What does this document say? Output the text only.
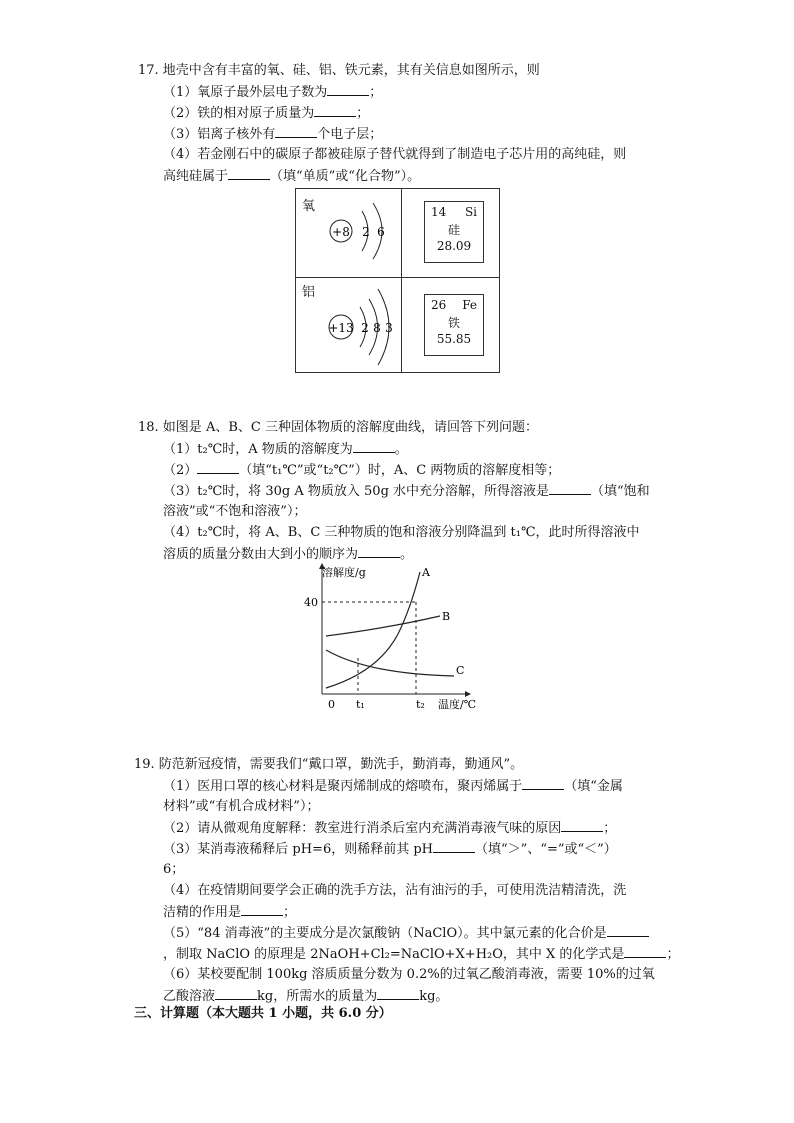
17. 地壳中含有丰富的氧、硅、铝、铁元素，其有关信息如图所示，则
（1）氧原子最外层电子数为	；
（2）铁的相对原子质量为	；
（3）铝离子核外有	个电子层；
（4）若金刚石中的碳原子都被硅原子替代就得到了制造电子芯片用的高纯硅，则
高纯硅属于	（填“单质”或“化合物”）。
氧
铝
+8 2 6
+13 2 8 3
14 Si
硅
28.09
26 Fe
铁
55.85
18. 如图是 A、B、C 三种固体物质的溶解度曲线，请回答下列问题：
（1）t₂℃时，A 物质的溶解度为	。
（2）	（填“t₁℃”或“t₂℃”）时，A、C 两物质的溶解度相等；
（3）t₂℃时，将 30g A 物质放入 50g 水中充分溶解，所得溶液是	（填“饱和
溶液”或“不饱和溶液”）；
（4）t₂℃时，将 A、B、C 三种物质的饱和溶液分别降温到 t₁℃，此时所得溶液中
溶质的质量分数由大到小的顺序为	。
溶解度/g
温度/℃
0
40
t₁	t₂
A
B
C
19. 防范新冠疫情，需要我们“戴口罩，勤洗手，勤消毒，勤通风”。
（1）医用口罩的核心材料是聚丙烯制成的熔喷布，聚丙烯属于	（填“金属
材料”或“有机合成材料”）；
（2）请从微观角度解释：教室进行消杀后室内充满消毒液气味的原因	；
（3）某消毒液稀释后 pH=6，则稀释前其 pH	（填“＞”、“=”或“＜”）
6；
（4）在疫情期间要学会正确的洗手方法，沾有油污的手，可使用洗洁精清洗，洗
洁精的作用是	；
（5）“84 消毒液”的主要成分是次氯酸钠（NaClO）。其中氯元素的化合价是
，制取 NaClO 的原理是 2NaOH+Cl₂=NaClO+X+H₂O，其中 X 的化学式是	；
（6）某校要配制 100kg 溶质质量分数为 0.2%的过氧乙酸消毒液，需要 10%的过氧
乙酸溶液	kg，所需水的质量为	kg。
三、计算题（本大题共 1 小题，共 6.0 分）
